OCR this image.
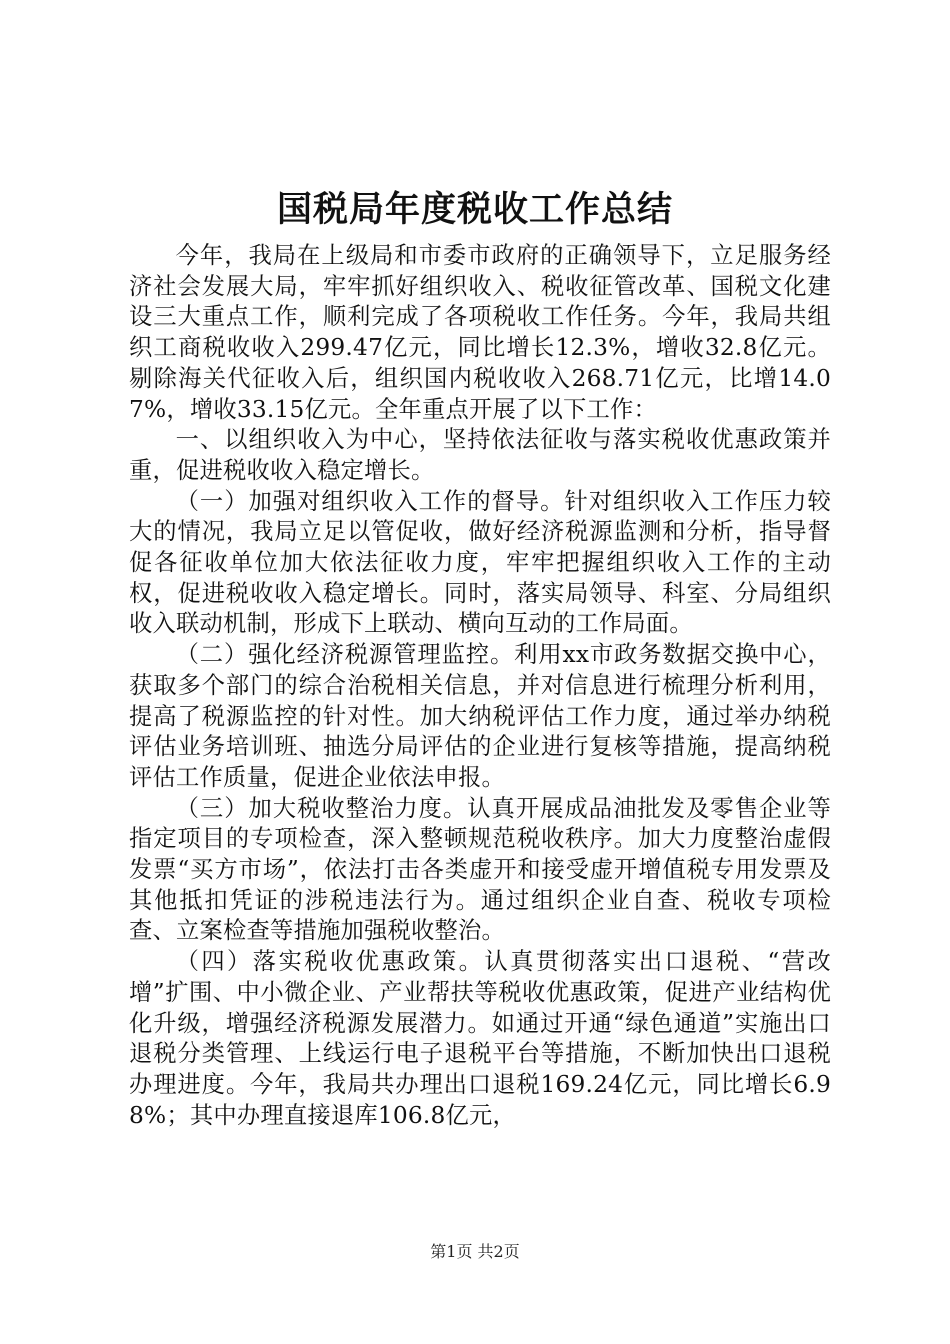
国税局年度税收工作总结

今年，我局在上级局和市委市政府的正确领导下，立足服务经济社会发展大局，牢牢抓好组织收入、税收征管改革、国税文化建设三大重点工作，顺利完成了各项税收工作任务。今年，我局共组织工商税收收入299.47亿元，同比增长12.3%，增收32.8亿元。剔除海关代征收入后，组织国内税收收入268.71亿元，比增14.07%，增收33.15亿元。全年重点开展了以下工作：

一、以组织收入为中心，坚持依法征收与落实税收优惠政策并重，促进税收收入稳定增长。

（一）加强对组织收入工作的督导。针对组织收入工作压力较大的情况，我局立足以管促收，做好经济税源监测和分析，指导督促各征收单位加大依法征收力度，牢牢把握组织收入工作的主动权，促进税收收入稳定增长。同时，落实局领导、科室、分局组织收入联动机制，形成下上联动、横向互动的工作局面。

（二）强化经济税源管理监控。利用xx市政务数据交换中心，获取多个部门的综合治税相关信息，并对信息进行梳理分析利用，提高了税源监控的针对性。加大纳税评估工作力度，通过举办纳税评估业务培训班、抽选分局评估的企业进行复核等措施，提高纳税评估工作质量，促进企业依法申报。

（三）加大税收整治力度。认真开展成品油批发及零售企业等指定项目的专项检查，深入整顿规范税收秩序。加大力度整治虚假发票“买方市场”，依法打击各类虚开和接受虚开增值税专用发票及其他抵扣凭证的涉税违法行为。通过组织企业自查、税收专项检查、立案检查等措施加强税收整治。

（四）落实税收优惠政策。认真贯彻落实出口退税、“营改增”扩围、中小微企业、产业帮扶等税收优惠政策，促进产业结构优化升级，增强经济税源发展潜力。如通过开通“绿色通道”实施出口退税分类管理、上线运行电子退税平台等措施，不断加快出口退税办理进度。今年，我局共办理出口退税169.24亿元，同比增长6.98%；其中办理直接退库106.8亿元，

第1页 共2页
